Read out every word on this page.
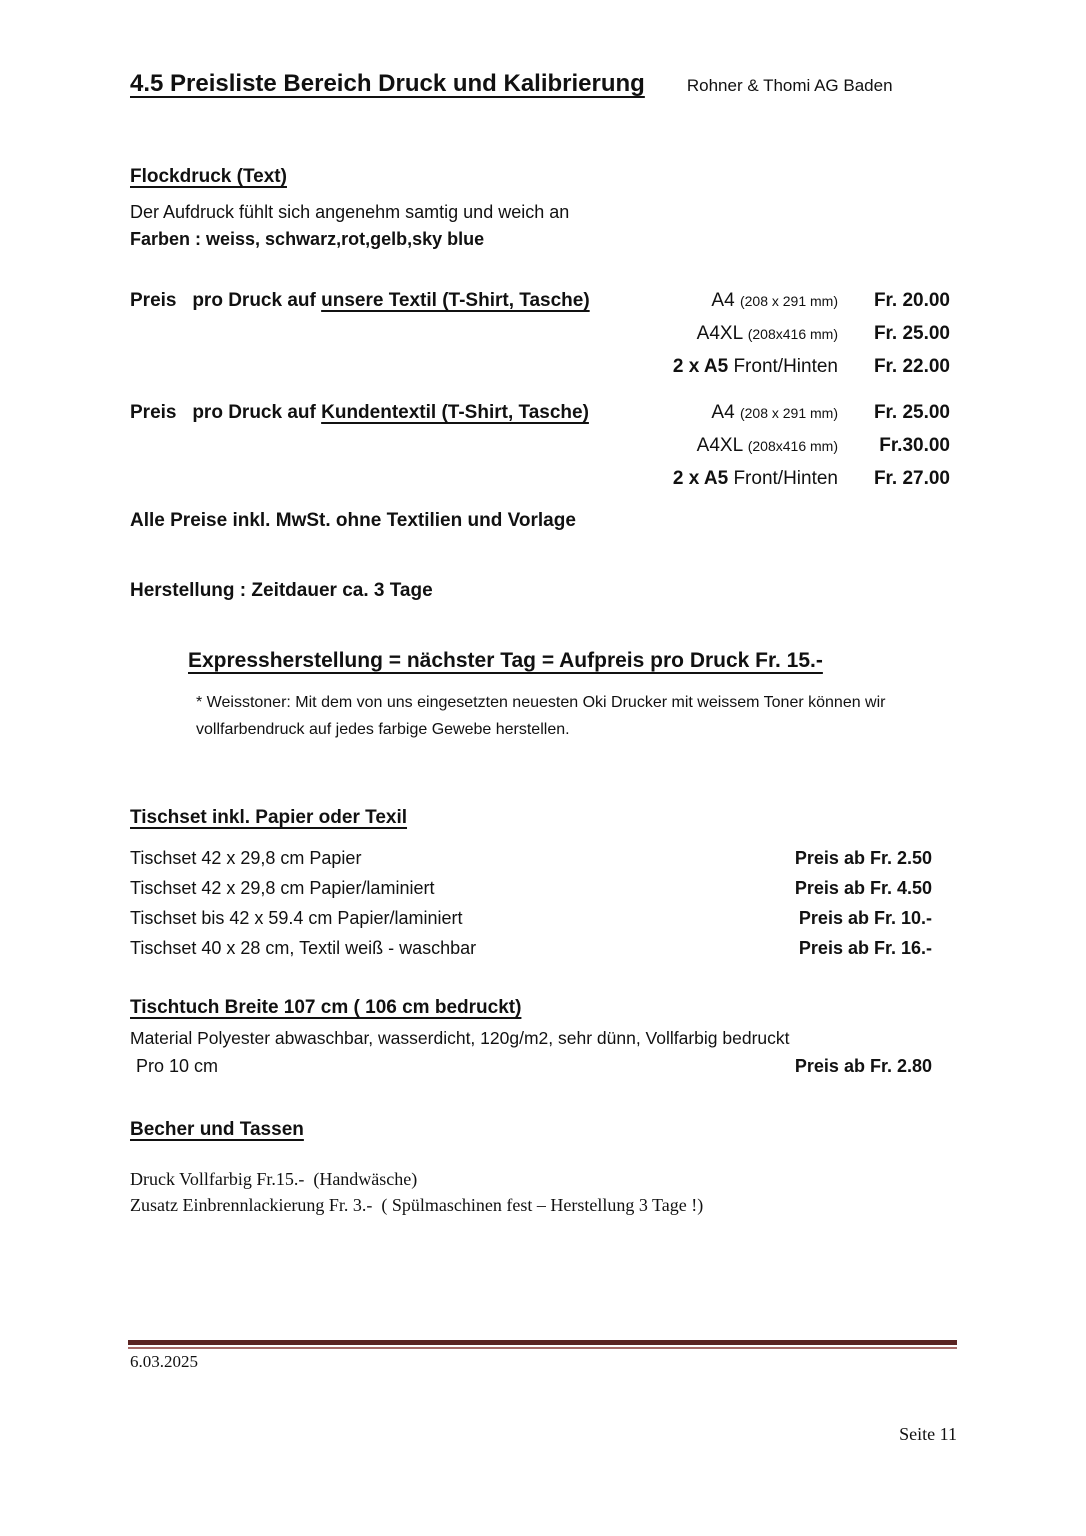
4.5 Preisliste Bereich Druck und Kalibrierung Rohner & Thomi AG Baden
Flockdruck (Text)
Der Aufdruck fühlt sich angenehm samtig und weich an
Farben : weiss, schwarz,rot,gelb,sky blue
Preis   pro Druck auf unsere Textil (T-Shirt, Tasche)	A4 (208 x 291 mm)	Fr. 20.00
A4XL (208x416 mm)	Fr. 25.00
2 x A5 Front/Hinten	Fr. 22.00
Preis   pro Druck auf Kundentextil (T-Shirt, Tasche)	A4 (208 x 291 mm)	Fr. 25.00
A4XL (208x416 mm)	Fr.30.00
2 x A5 Front/Hinten	Fr. 27.00
Alle Preise inkl. MwSt. ohne Textilien und Vorlage
Herstellung : Zeitdauer ca. 3 Tage
Expressherstellung = nächster Tag = Aufpreis pro Druck Fr. 15.-
* Weisstoner: Mit dem von uns eingesetzten neuesten Oki Drucker mit weissem Toner können wir
vollfarbendruck auf jedes farbige Gewebe herstellen.
Tischset inkl. Papier oder Texil
Tischset 42 x 29,8 cm Papier	Preis ab Fr. 2.50
Tischset 42 x 29,8 cm Papier/laminiert	Preis ab Fr. 4.50
Tischset bis 42 x 59.4 cm Papier/laminiert	Preis ab Fr. 10.-
Tischset 40 x 28 cm, Textil weiß - waschbar	Preis ab Fr. 16.-
Tischtuch Breite 107 cm ( 106 cm bedruckt)
Material Polyester abwaschbar, wasserdicht, 120g/m2, sehr dünn, Vollfarbig bedruckt
Pro 10 cm	Preis ab Fr. 2.80
Becher und Tassen
Druck Vollfarbig Fr.15.-  (Handwäsche)
Zusatz Einbrennlackierung Fr. 3.-  ( Spülmaschinen fest – Herstellung 3 Tage !)
6.03.2025
Seite 11
